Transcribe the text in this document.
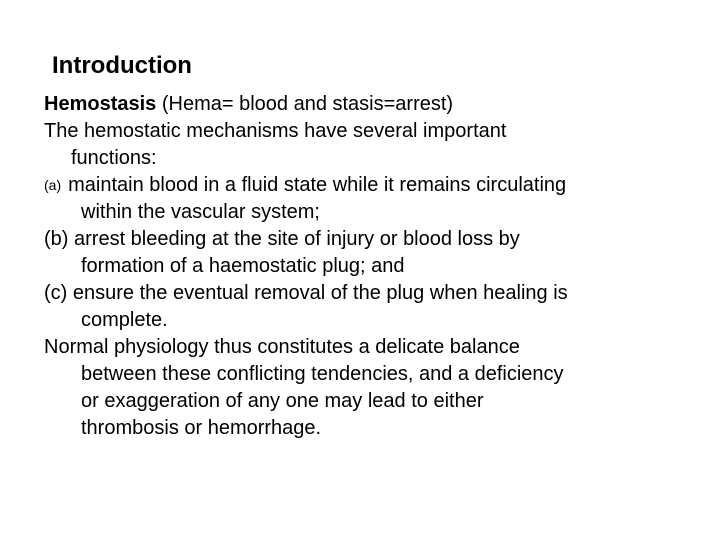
Introduction
Hemostasis (Hema= blood and stasis=arrest)
The hemostatic mechanisms have several important
functions:
(a) maintain blood in a fluid state while it remains circulating
within the vascular system;
(b) arrest bleeding at the site of injury or blood loss by
formation of a haemostatic plug; and
(c) ensure the eventual removal of the plug when healing is
complete.
Normal physiology thus constitutes a delicate balance
between these conflicting tendencies, and a deficiency
or exaggeration of any one may lead to either
thrombosis or hemorrhage.
